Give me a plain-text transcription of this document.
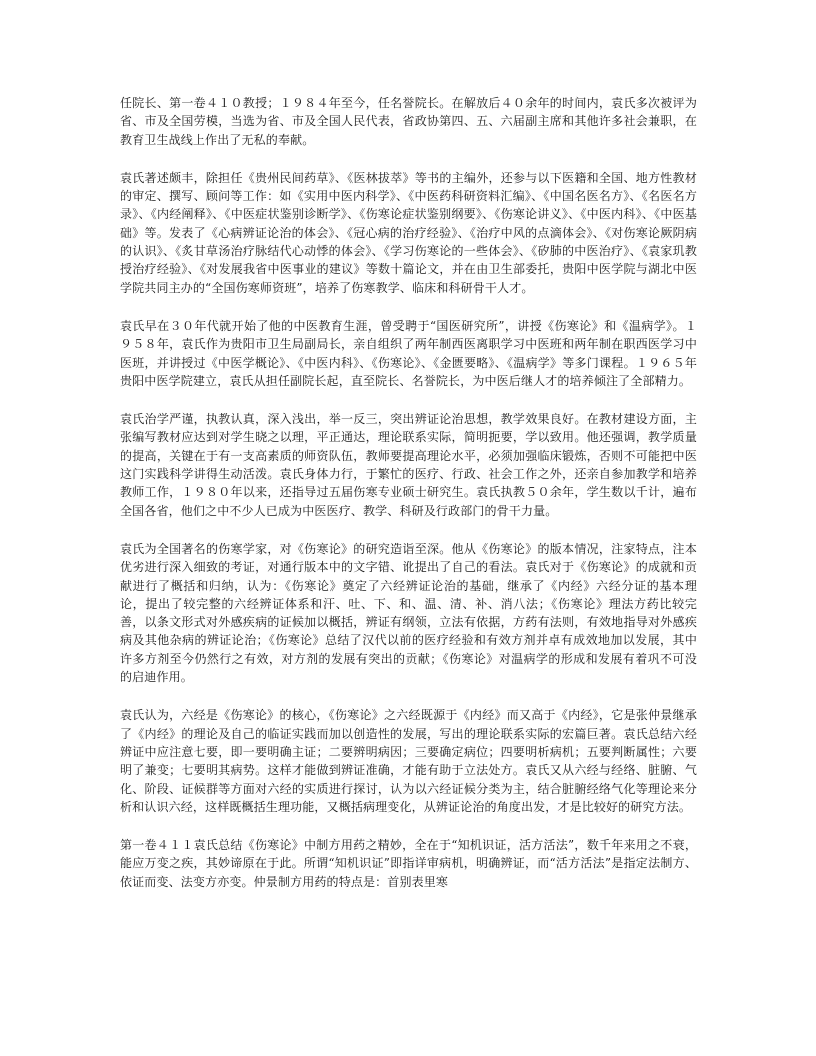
任院长、第一卷４１０教授；１９８４年至今，任名誉院长。在解放后４０余年的时间内，袁氏多次被评为省、市及全国劳模，当选为省、市及全国人民代表，省政协第四、五、六届副主席和其他许多社会兼职，在教育卫生战线上作出了无私的奉献。

袁氏著述颇丰，除担任《贵州民间药草》、《医林拔萃》等书的主编外，还参与以下医籍和全国、地方性教材的审定、撰写、顾问等工作：如《实用中医内科学》、《中医药科研资料汇编》、《中国名医名方》、《名医名方录》、《内经阐释》、《中医症状鉴别诊断学》、《伤寒论症状鉴别纲要》、《伤寒论讲义》、《中医内科》、《中医基础》等。发表了《心病辨证论治的体会》、《冠心病的治疗经验》、《治疗中风的点滴体会》、《对伤寒论厥阴病的认识》、《炙甘草汤治疗脉结代心动悸的体会》、《学习伤寒论的一些体会》、《矽肺的中医治疗》、《袁家玑教授治疗经验》、《对发展我省中医事业的建议》等数十篇论文，并在由卫生部委托，贵阳中医学院与湖北中医学院共同主办的“全国伤寒师资班”，培养了伤寒教学、临床和科研骨干人才。

袁氏早在３０年代就开始了他的中医教育生涯，曾受聘于“国医研究所”，讲授《伤寒论》和《温病学》。１９５８年，袁氏作为贵阳市卫生局副局长，亲自组织了两年制西医离职学习中医班和两年制在职西医学习中医班，并讲授过《中医学概论》、《中医内科》、《伤寒论》、《金匮要略》、《温病学》等多门课程。１９６５年贵阳中医学院建立，袁氏从担任副院长起，直至院长、名誉院长，为中医后继人才的培养倾注了全部精力。

袁氏治学严谨，执教认真，深入浅出，举一反三，突出辨证论治思想，教学效果良好。在教材建设方面，主张编写教材应达到对学生晓之以理，平正通达，理论联系实际，简明扼要，学以致用。他还强调，教学质量的提高，关键在于有一支高素质的师资队伍，教师要提高理论水平，必须加强临床锻炼，否则不可能把中医这门实践科学讲得生动活泼。袁氏身体力行，于繁忙的医疗、行政、社会工作之外，还亲自参加教学和培养教师工作，１９８０年以来，还指导过五届伤寒专业硕士研究生。袁氏执教５０余年，学生数以千计，遍布全国各省，他们之中不少人已成为中医医疗、教学、科研及行政部门的骨干力量。

袁氏为全国著名的伤寒学家，对《伤寒论》的研究造诣至深。他从《伤寒论》的版本情况，注家特点，注本优劣进行深入细致的考证，对通行版本中的文字错、讹提出了自己的看法。袁氏对于《伤寒论》的成就和贡献进行了概括和归纳，认为：《伤寒论》奠定了六经辨证论治的基础，继承了《内经》六经分证的基本理论，提出了较完整的六经辨证体系和汗、吐、下、和、温、清、补、消八法；《伤寒论》理法方药比较完善，以条文形式对外感疾病的证候加以概括，辨证有纲领，立法有依据，方药有法则，有效地指导对外感疾病及其他杂病的辨证论治；《伤寒论》总结了汉代以前的医疗经验和有效方剂并卓有成效地加以发展，其中许多方剂至今仍然行之有效，对方剂的发展有突出的贡献；《伤寒论》对温病学的形成和发展有着巩不可没的启迪作用。

袁氏认为，六经是《伤寒论》的核心，《伤寒论》之六经既源于《内经》而又高于《内经》，它是张仲景继承了《内经》的理论及自己的临证实践而加以创造性的发展，写出的理论联系实际的宏篇巨著。袁氏总结六经辨证中应注意七要，即一要明确主证；二要辨明病因；三要确定病位；四要明析病机；五要判断属性；六要明了兼变；七要明其病势。这样才能做到辨证准确，才能有助于立法处方。袁氏又从六经与经络、脏腑、气化、阶段、证候群等方面对六经的实质进行探讨，认为以六经证候分类为主，结合脏腑经络气化等理论来分析和认识六经，这样既概括生理功能，又概括病理变化，从辨证论治的角度出发，才是比较好的研究方法。

第一卷４１１袁氏总结《伤寒论》中制方用药之精妙，全在于“知机识证，活方活法”，数千年来用之不衰，能应万变之疾，其妙谛原在于此。所谓“知机识证”即指详审病机，明确辨证，而“活方活法”是指定法制方、依证而变、法变方亦变。仲景制方用药的特点是：首别表里寒
